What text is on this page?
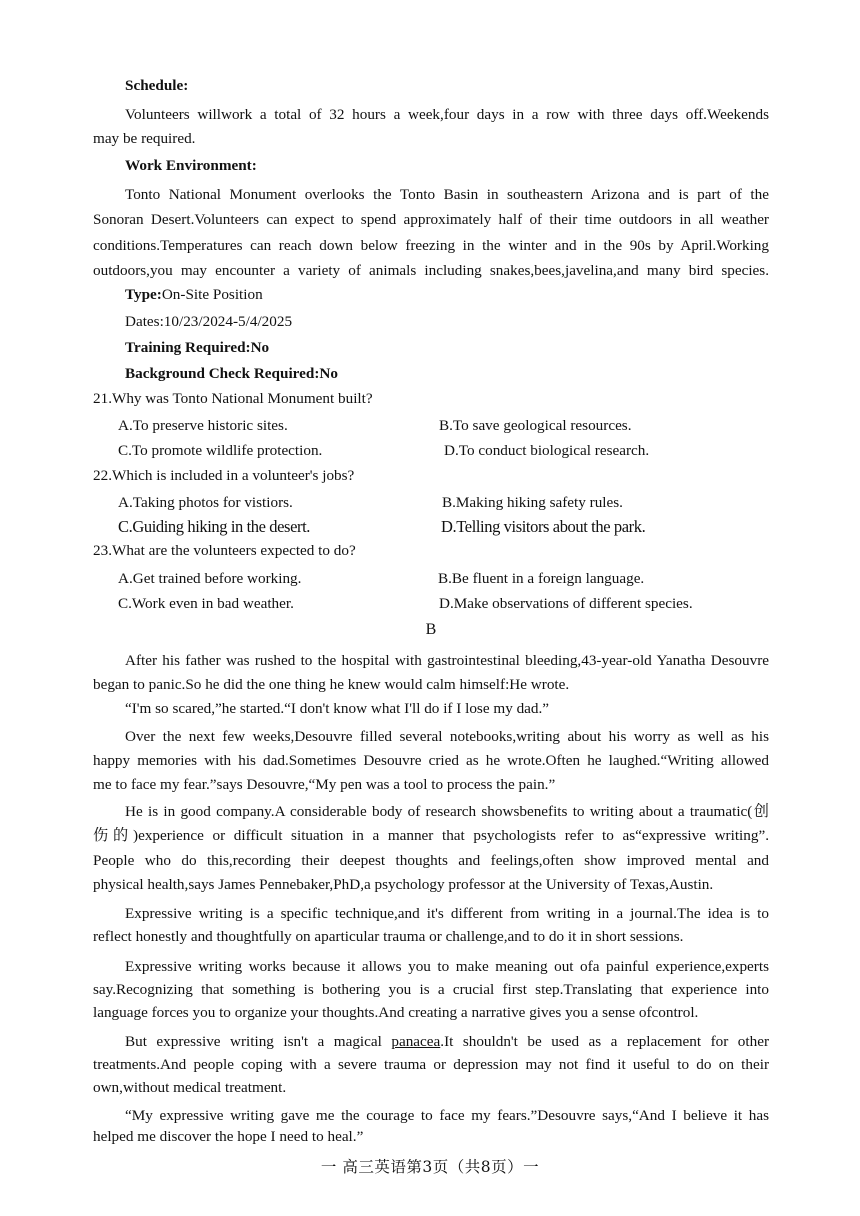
Schedule:
Volunteers willwork a total of 32 hours a week,four days in a row with three days off.Weekends
may be required.
Work Environment:
Tonto National Monument overlooks the Tonto Basin in southeastern Arizona and is part of the
Sonoran Desert.Volunteers can expect to spend approximately half of their time outdoors in all weather
conditions.Temperatures can reach down below freezing in the winter and in the 90s by April.Working
outdoors,you may encounter a variety of animals including snakes,bees,javelina,and many bird species.
Type:On-Site Position
Dates:10/23/2024-5/4/2025
Training Required:No
Background Check Required:No
21.Why was Tonto National Monument built?
A.To preserve historic sites.	B.To save geological resources.
C.To promote wildlife protection.	D.To conduct biological research.
22.Which is included in a volunteer's jobs?
A.Taking photos for vistiors.	B.Making hiking safety rules.
C.Guiding hiking in the desert.	D.Telling visitors about the park.
23.What are the volunteers expected to do?
A.Get trained before working.	B.Be fluent in a foreign language.
C.Work even in bad weather.	D.Make observations of different species.
B
After his father was rushed to the hospital with gastrointestinal bleeding,43-year-old Yanatha Desouvre
began to panic.So he did the one thing he knew would calm himself:He wrote.
“I'm so scared,”he started.“I don't know what I'll do if I lose my dad.”
Over the next few weeks,Desouvre filled several notebooks,writing about his worry as well as his
happy memories with his dad.Sometimes Desouvre cried as he wrote.Often he laughed.“Writing allowed
me to face my fear.”says Desouvre,“My pen was a tool to process the pain.”
He is in good company.A considerable body of research showsbenefits to writing about a traumatic(创
伤的)experience or difficult situation in a manner that psychologists refer to as“expressive writing”.
People who do this,recording their deepest thoughts and feelings,often show improved mental and
physical health,says James Pennebaker,PhD,a psychology professor at the University of Texas,Austin.
Expressive writing is a specific technique,and it's different from writing in a journal.The idea is to
reflect honestly and thoughtfully on aparticular trauma or challenge,and to do it in short sessions.
Expressive writing works because it allows you to make meaning out ofa painful experience,experts
say.Recognizing that something is bothering you is a crucial first step.Translating that experience into
language forces you to organize your thoughts.And creating a narrative gives you a sense ofcontrol.
But expressive writing isn't a magical panacea.It shouldn't be used as a replacement for other
treatments.And people coping with a severe trauma or depression may not find it useful to do on their
own,without medical treatment.
“My expressive writing gave me the courage to face my fears.”Desouvre says,“And I believe it has
helped me discover the hope I need to heal.”
一 高三英语第3页（共8页）一
